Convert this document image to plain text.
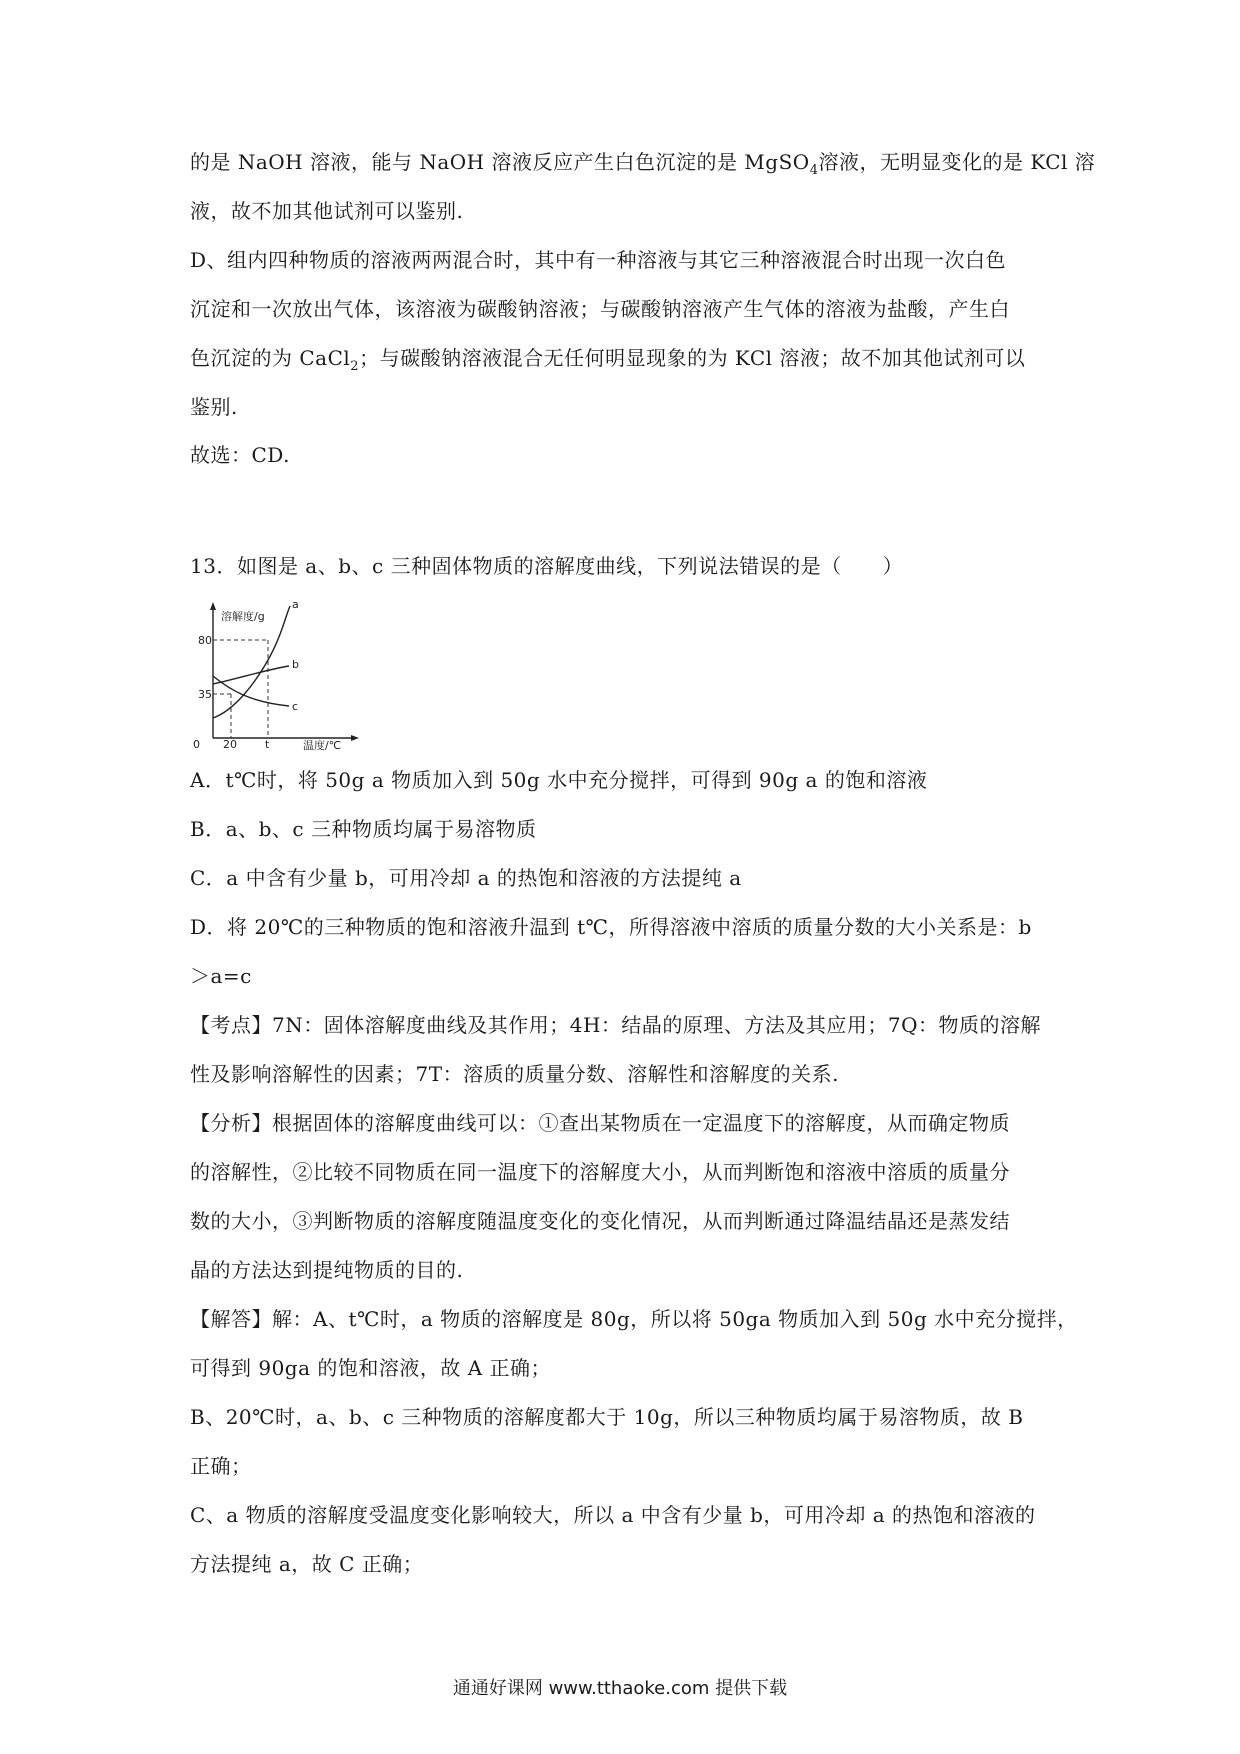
的是 NaOH 溶液，能与 NaOH 溶液反应产生白色沉淀的是 MgSO$_4$溶液，无明显变化的是 KCl 溶
液，故不加其他试剂可以鉴别.
D、组内四种物质的溶液两两混合时，其中有一种溶液与其它三种溶液混合时出现一次白色
沉淀和一次放出气体，该溶液为碳酸钠溶液；与碳酸钠溶液产生气体的溶液为盐酸，产生白
色沉淀的为 CaCl$_2$；与碳酸钠溶液混合无任何明显现象的为 KCl 溶液；故不加其他试剂可以
鉴别.
故选：CD.
13．如图是 a、b、c 三种固体物质的溶解度曲线，下列说法错误的是（　　）
溶解度/g
温度/℃
80
35
0 20	t
a
b
c
A．t℃时，将 50g a 物质加入到 50g 水中充分搅拌，可得到 90g a 的饱和溶液
B．a、b、c 三种物质均属于易溶物质
C．a 中含有少量 b，可用冷却 a 的热饱和溶液的方法提纯 a
D．将 20℃的三种物质的饱和溶液升温到 t℃，所得溶液中溶质的质量分数的大小关系是：b
＞a=c
【考点】7N：固体溶解度曲线及其作用；4H：结晶的原理、方法及其应用；7Q：物质的溶解
性及影响溶解性的因素；7T：溶质的质量分数、溶解性和溶解度的关系.
【分析】根据固体的溶解度曲线可以：①查出某物质在一定温度下的溶解度，从而确定物质
的溶解性，②比较不同物质在同一温度下的溶解度大小，从而判断饱和溶液中溶质的质量分
数的大小，③判断物质的溶解度随温度变化的变化情况，从而判断通过降温结晶还是蒸发结
晶的方法达到提纯物质的目的.
【解答】解：A、t℃时，a 物质的溶解度是 80g，所以将 50ga 物质加入到 50g 水中充分搅拌，
可得到 90ga 的饱和溶液，故 A 正确；
B、20℃时，a、b、c 三种物质的溶解度都大于 10g，所以三种物质均属于易溶物质，故 B
正确；
C、a 物质的溶解度受温度变化影响较大，所以 a 中含有少量 b，可用冷却 a 的热饱和溶液的
方法提纯 a，故 C 正确；
通通好课网 www.tthaoke.com 提供下载
